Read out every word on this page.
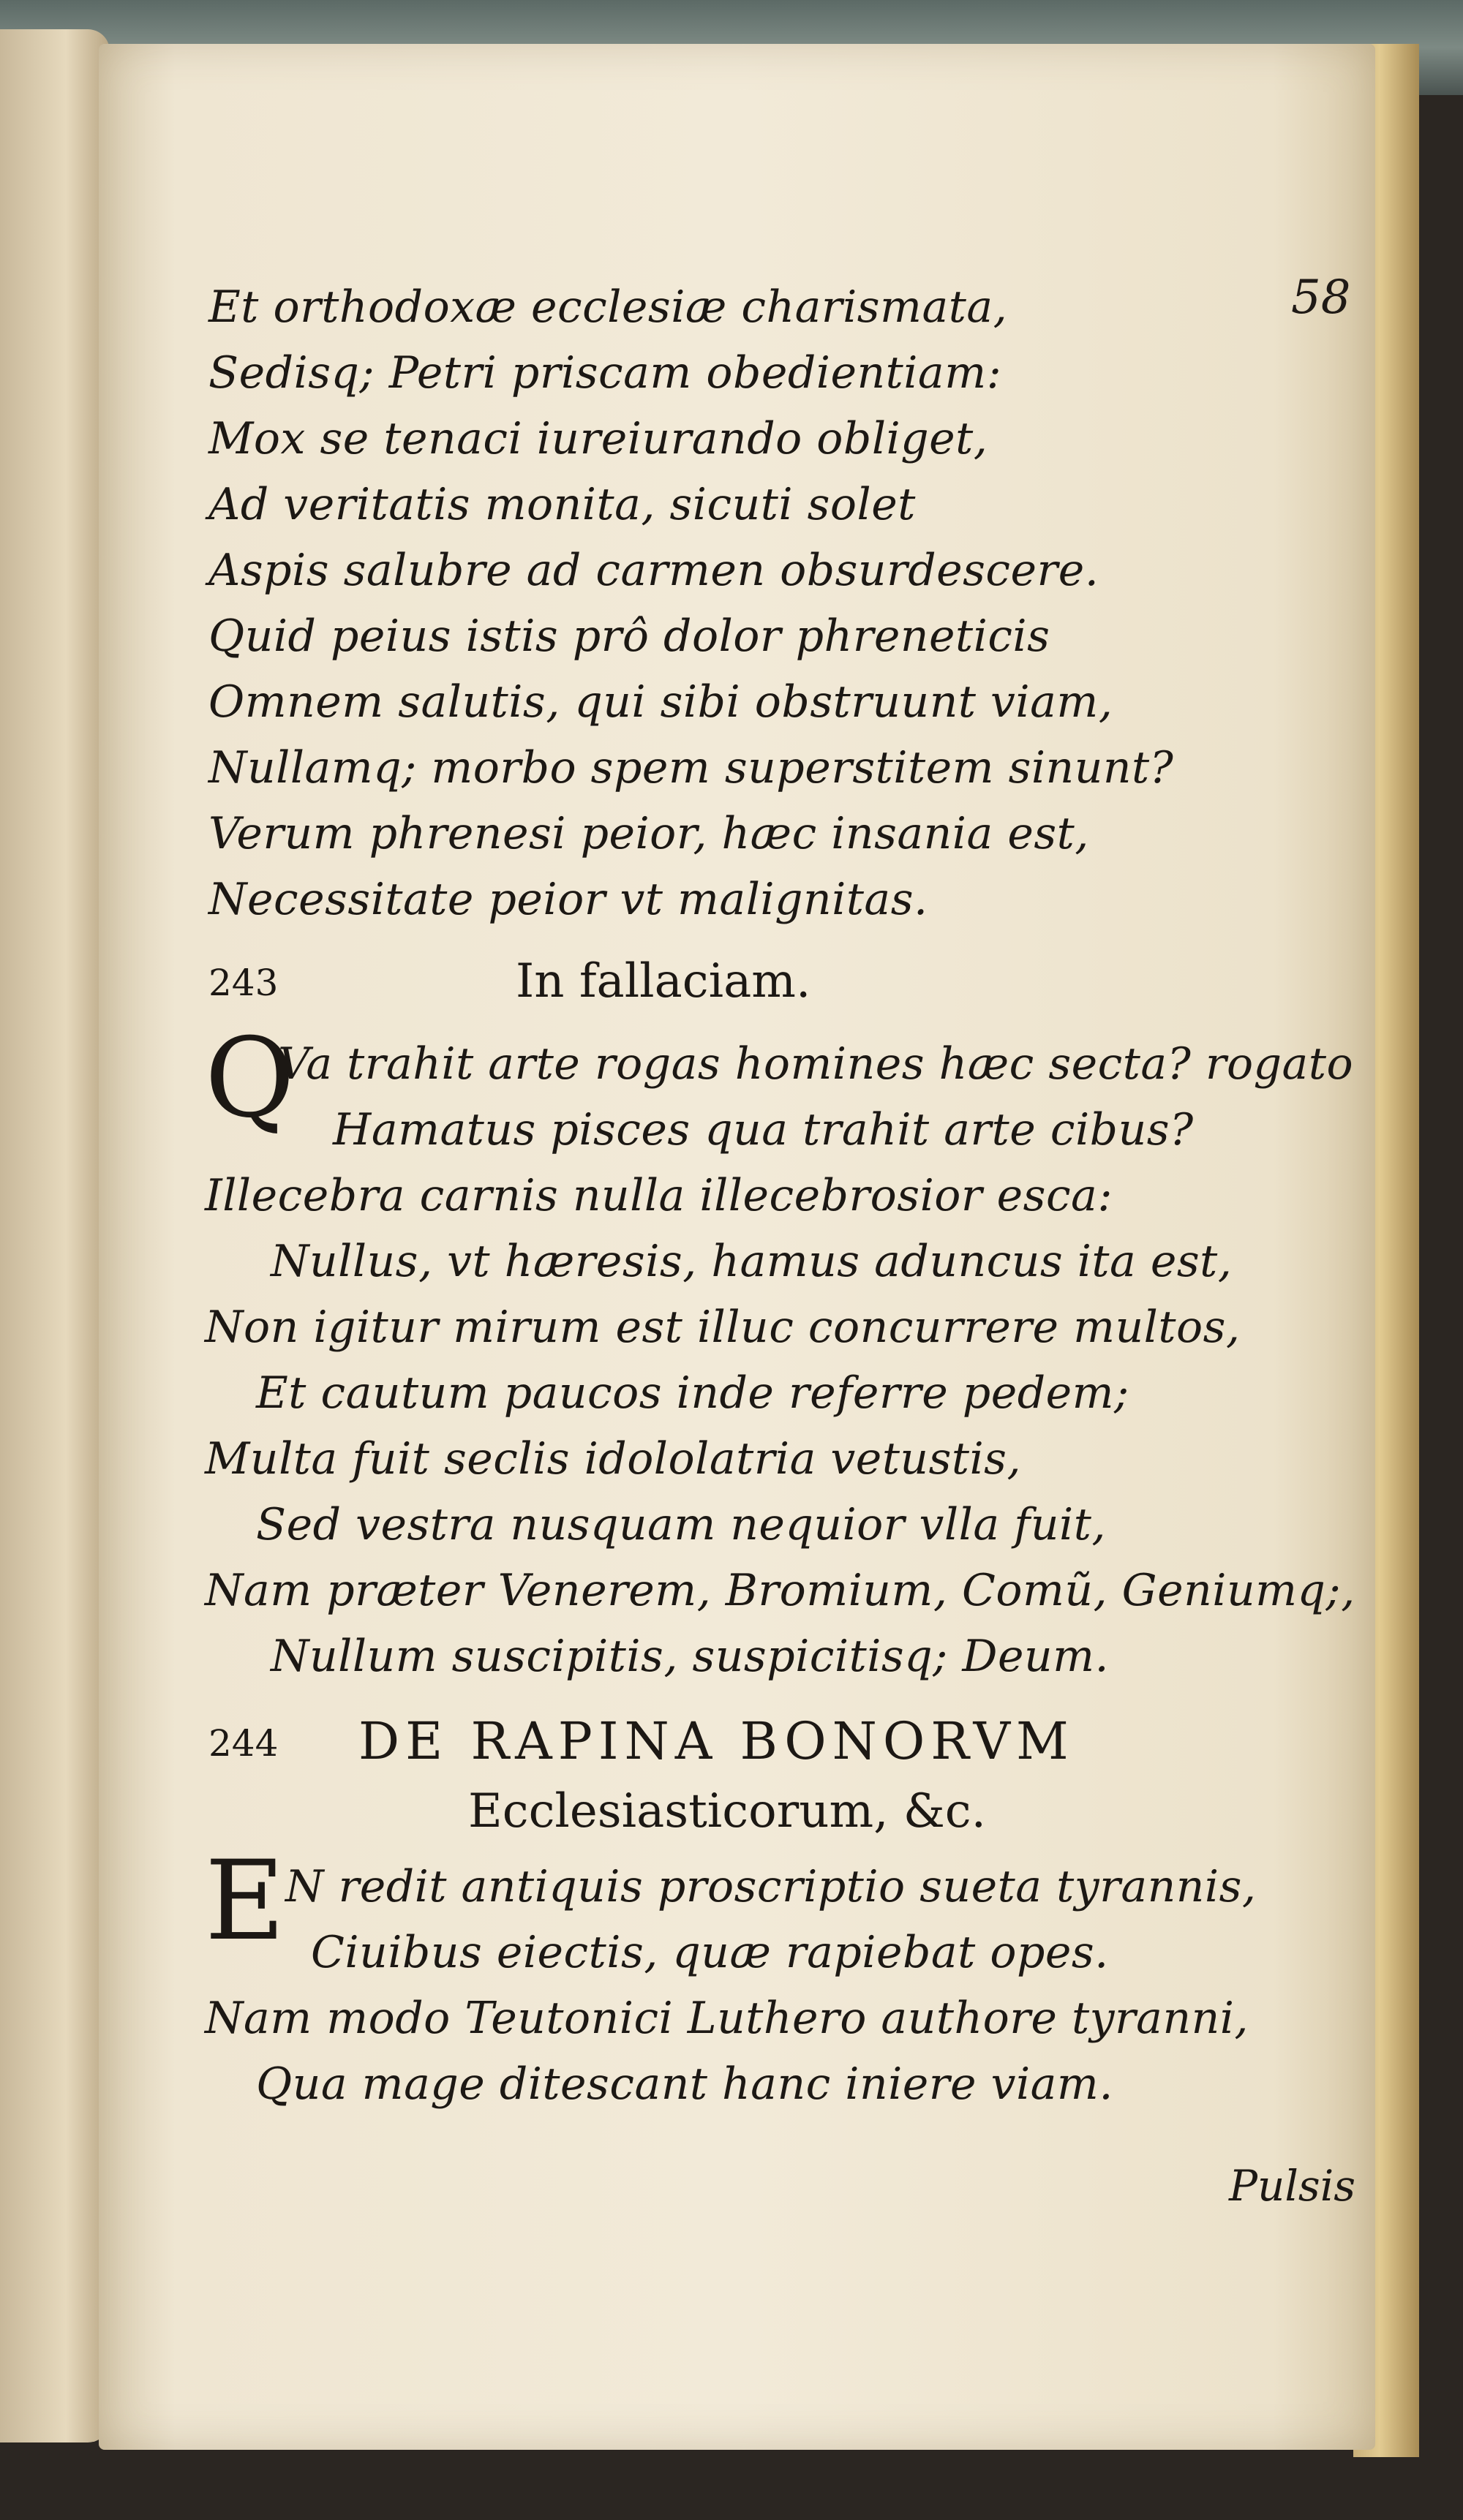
58
Et orthodoxæ ecclesiæ charismata,
Sedisq; Petri priscam obedientiam:
Mox se tenaci iureiurando obliget,
Ad veritatis monita, sicuti solet
Aspis salubre ad carmen obsurdescere.
Quid peius istis prô dolor phreneticis
Omnem salutis, qui sibi obstruunt viam,
Nullamq; morbo spem superstitem sinunt?
Verum phrenesi peior, hæc insania est,
Necessitate peior vt malignitas.
243	In fallaciam.
Q
Va trahit arte rogas homines hæc secta? rogato
Hamatus pisces qua trahit arte cibus?
Illecebra carnis nulla illecebrosior esca:
Nullus, vt hæresis, hamus aduncus ita est,
Non igitur mirum est illuc concurrere multos,
Et cautum paucos inde referre pedem;
Multa fuit seclis idololatria vetustis,
Sed vestra nusquam nequior vlla fuit,
Nam præter Venerem, Bromium, Comũ, Geniumq;,
Nullum suscipitis, suspicitisq; Deum.
244 DE RAPINA BONORVM
Ecclesiasticorum, &c.
E N redit antiquis proscriptio sueta tyrannis,
Ciuibus eiectis, quæ rapiebat opes.
Nam modo Teutonici Luthero authore tyranni,
Qua mage ditescant hanc iniere viam.
Pulsis
